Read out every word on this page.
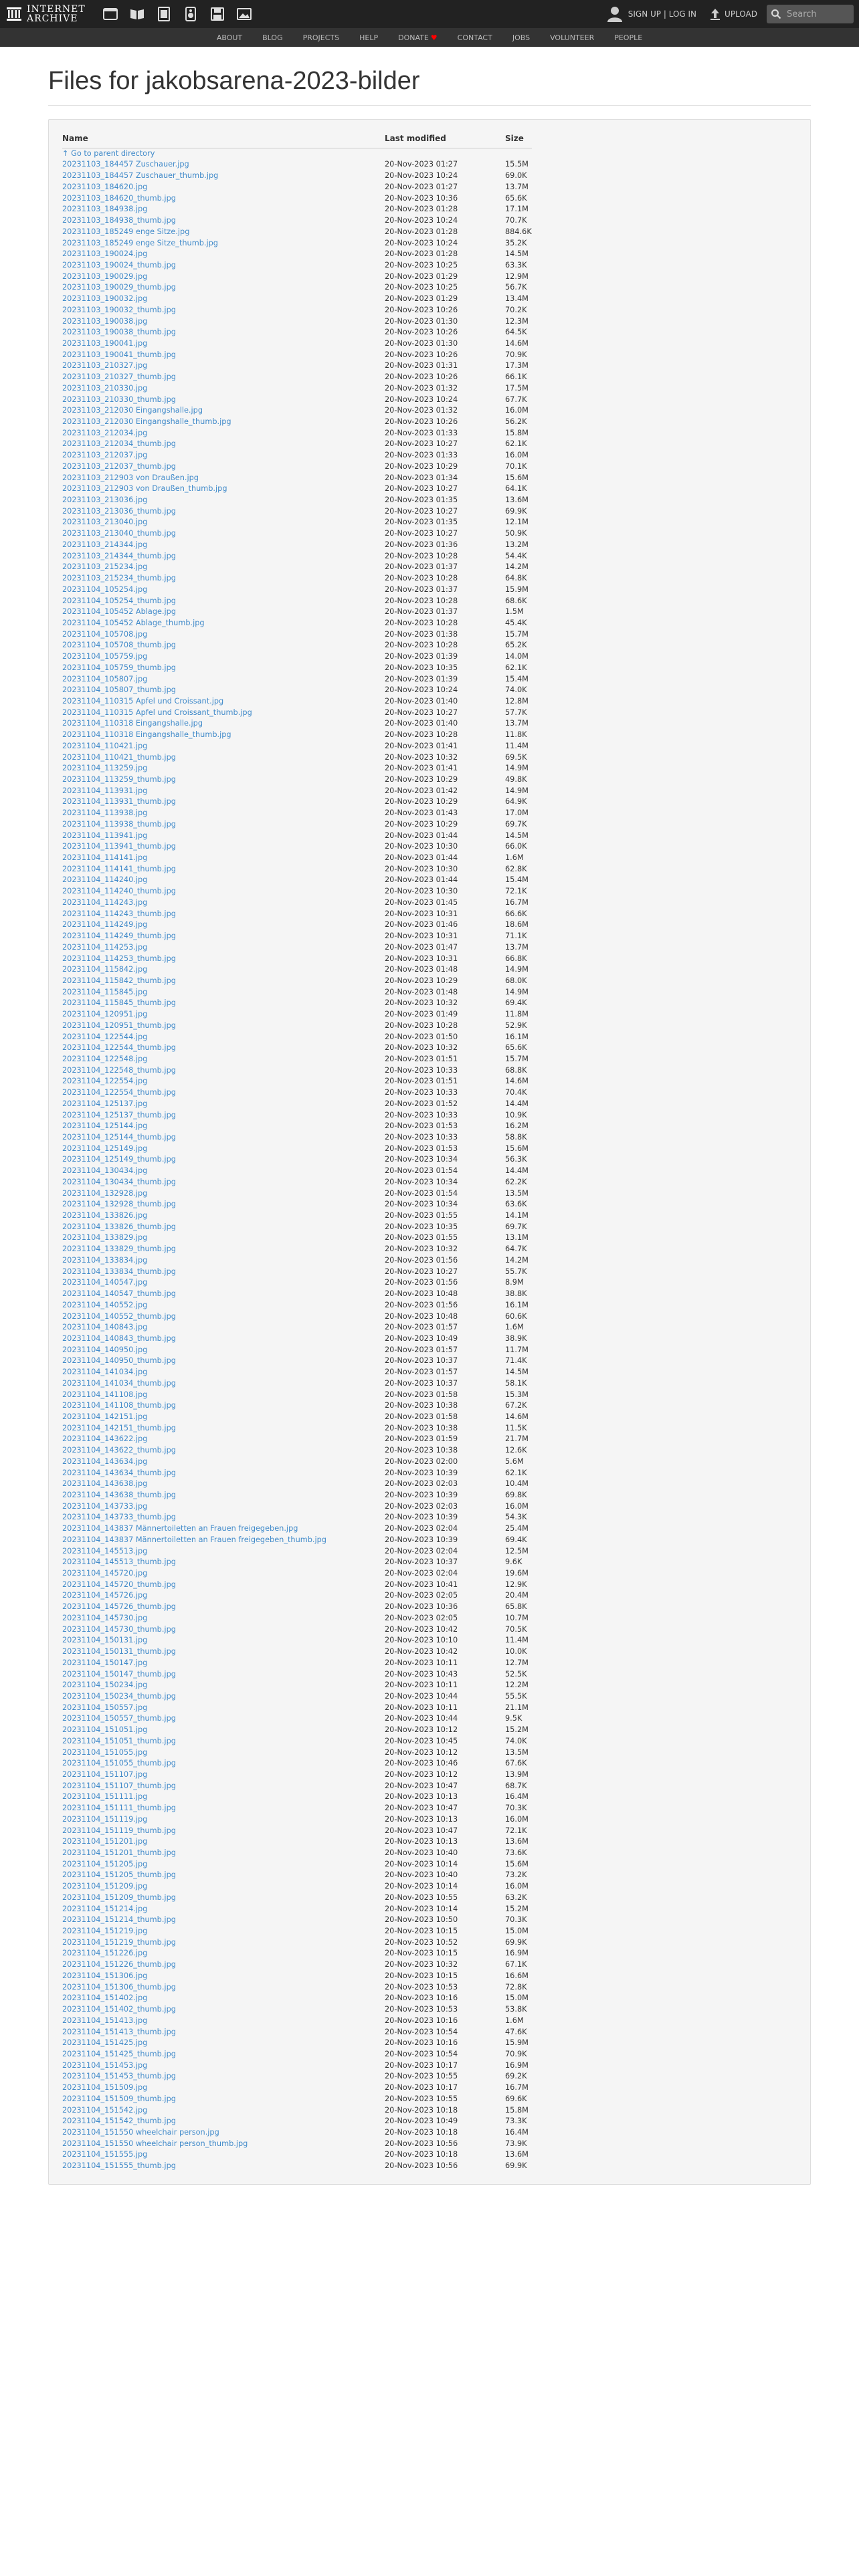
INTERNET
ARCHIVE	SIGN UP | LOG IN	UPLOAD
Search
ABOUT	BLOG	PROJECTS	HELP	DONATE ♥	CONTACT	JOBS	VOLUNTEER	PEOPLE
Files for jakobsarena-2023-bilder
Name	Last modified	Size
↑ Go to parent directory		
20231103_184457 Zuschauer.jpg	20-Nov-2023 01:27	15.5M
20231103_184457 Zuschauer_thumb.jpg	20-Nov-2023 10:24	69.0K
20231103_184620.jpg	20-Nov-2023 01:27	13.7M
20231103_184620_thumb.jpg	20-Nov-2023 10:36	65.6K
20231103_184938.jpg	20-Nov-2023 01:28	17.1M
20231103_184938_thumb.jpg	20-Nov-2023 10:24	70.7K
20231103_185249 enge Sitze.jpg	20-Nov-2023 01:28	884.6K
20231103_185249 enge Sitze_thumb.jpg	20-Nov-2023 10:24	35.2K
20231103_190024.jpg	20-Nov-2023 01:28	14.5M
20231103_190024_thumb.jpg	20-Nov-2023 10:25	63.3K
20231103_190029.jpg	20-Nov-2023 01:29	12.9M
20231103_190029_thumb.jpg	20-Nov-2023 10:25	56.7K
20231103_190032.jpg	20-Nov-2023 01:29	13.4M
20231103_190032_thumb.jpg	20-Nov-2023 10:26	70.2K
20231103_190038.jpg	20-Nov-2023 01:30	12.3M
20231103_190038_thumb.jpg	20-Nov-2023 10:26	64.5K
20231103_190041.jpg	20-Nov-2023 01:30	14.6M
20231103_190041_thumb.jpg	20-Nov-2023 10:26	70.9K
20231103_210327.jpg	20-Nov-2023 01:31	17.3M
20231103_210327_thumb.jpg	20-Nov-2023 10:26	66.1K
20231103_210330.jpg	20-Nov-2023 01:32	17.5M
20231103_210330_thumb.jpg	20-Nov-2023 10:24	67.7K
20231103_212030 Eingangshalle.jpg	20-Nov-2023 01:32	16.0M
20231103_212030 Eingangshalle_thumb.jpg	20-Nov-2023 10:26	56.2K
20231103_212034.jpg	20-Nov-2023 01:33	15.8M
20231103_212034_thumb.jpg	20-Nov-2023 10:27	62.1K
20231103_212037.jpg	20-Nov-2023 01:33	16.0M
20231103_212037_thumb.jpg	20-Nov-2023 10:29	70.1K
20231103_212903 von Draußen.jpg	20-Nov-2023 01:34	15.6M
20231103_212903 von Draußen_thumb.jpg	20-Nov-2023 10:27	64.1K
20231103_213036.jpg	20-Nov-2023 01:35	13.6M
20231103_213036_thumb.jpg	20-Nov-2023 10:27	69.9K
20231103_213040.jpg	20-Nov-2023 01:35	12.1M
20231103_213040_thumb.jpg	20-Nov-2023 10:27	50.9K
20231103_214344.jpg	20-Nov-2023 01:36	13.2M
20231103_214344_thumb.jpg	20-Nov-2023 10:28	54.4K
20231103_215234.jpg	20-Nov-2023 01:37	14.2M
20231103_215234_thumb.jpg	20-Nov-2023 10:28	64.8K
20231104_105254.jpg	20-Nov-2023 01:37	15.9M
20231104_105254_thumb.jpg	20-Nov-2023 10:28	68.6K
20231104_105452 Ablage.jpg	20-Nov-2023 01:37	1.5M
20231104_105452 Ablage_thumb.jpg	20-Nov-2023 10:28	45.4K
20231104_105708.jpg	20-Nov-2023 01:38	15.7M
20231104_105708_thumb.jpg	20-Nov-2023 10:28	65.2K
20231104_105759.jpg	20-Nov-2023 01:39	14.0M
20231104_105759_thumb.jpg	20-Nov-2023 10:35	62.1K
20231104_105807.jpg	20-Nov-2023 01:39	15.4M
20231104_105807_thumb.jpg	20-Nov-2023 10:24	74.0K
20231104_110315 Apfel und Croissant.jpg	20-Nov-2023 01:40	12.8M
20231104_110315 Apfel und Croissant_thumb.jpg	20-Nov-2023 10:27	57.7K
20231104_110318 Eingangshalle.jpg	20-Nov-2023 01:40	13.7M
20231104_110318 Eingangshalle_thumb.jpg	20-Nov-2023 10:28	11.8K
20231104_110421.jpg	20-Nov-2023 01:41	11.4M
20231104_110421_thumb.jpg	20-Nov-2023 10:32	69.5K
20231104_113259.jpg	20-Nov-2023 01:41	14.9M
20231104_113259_thumb.jpg	20-Nov-2023 10:29	49.8K
20231104_113931.jpg	20-Nov-2023 01:42	14.9M
20231104_113931_thumb.jpg	20-Nov-2023 10:29	64.9K
20231104_113938.jpg	20-Nov-2023 01:43	17.0M
20231104_113938_thumb.jpg	20-Nov-2023 10:29	69.7K
20231104_113941.jpg	20-Nov-2023 01:44	14.5M
20231104_113941_thumb.jpg	20-Nov-2023 10:30	66.0K
20231104_114141.jpg	20-Nov-2023 01:44	1.6M
20231104_114141_thumb.jpg	20-Nov-2023 10:30	62.8K
20231104_114240.jpg	20-Nov-2023 01:44	15.4M
20231104_114240_thumb.jpg	20-Nov-2023 10:30	72.1K
20231104_114243.jpg	20-Nov-2023 01:45	16.7M
20231104_114243_thumb.jpg	20-Nov-2023 10:31	66.6K
20231104_114249.jpg	20-Nov-2023 01:46	18.6M
20231104_114249_thumb.jpg	20-Nov-2023 10:31	71.1K
20231104_114253.jpg	20-Nov-2023 01:47	13.7M
20231104_114253_thumb.jpg	20-Nov-2023 10:31	66.8K
20231104_115842.jpg	20-Nov-2023 01:48	14.9M
20231104_115842_thumb.jpg	20-Nov-2023 10:29	68.0K
20231104_115845.jpg	20-Nov-2023 01:48	14.9M
20231104_115845_thumb.jpg	20-Nov-2023 10:32	69.4K
20231104_120951.jpg	20-Nov-2023 01:49	11.8M
20231104_120951_thumb.jpg	20-Nov-2023 10:28	52.9K
20231104_122544.jpg	20-Nov-2023 01:50	16.1M
20231104_122544_thumb.jpg	20-Nov-2023 10:32	65.6K
20231104_122548.jpg	20-Nov-2023 01:51	15.7M
20231104_122548_thumb.jpg	20-Nov-2023 10:33	68.8K
20231104_122554.jpg	20-Nov-2023 01:51	14.6M
20231104_122554_thumb.jpg	20-Nov-2023 10:33	70.4K
20231104_125137.jpg	20-Nov-2023 01:52	14.4M
20231104_125137_thumb.jpg	20-Nov-2023 10:33	10.9K
20231104_125144.jpg	20-Nov-2023 01:53	16.2M
20231104_125144_thumb.jpg	20-Nov-2023 10:33	58.8K
20231104_125149.jpg	20-Nov-2023 01:53	15.6M
20231104_125149_thumb.jpg	20-Nov-2023 10:34	56.3K
20231104_130434.jpg	20-Nov-2023 01:54	14.4M
20231104_130434_thumb.jpg	20-Nov-2023 10:34	62.2K
20231104_132928.jpg	20-Nov-2023 01:54	13.5M
20231104_132928_thumb.jpg	20-Nov-2023 10:34	63.6K
20231104_133826.jpg	20-Nov-2023 01:55	14.1M
20231104_133826_thumb.jpg	20-Nov-2023 10:35	69.7K
20231104_133829.jpg	20-Nov-2023 01:55	13.1M
20231104_133829_thumb.jpg	20-Nov-2023 10:32	64.7K
20231104_133834.jpg	20-Nov-2023 01:56	14.2M
20231104_133834_thumb.jpg	20-Nov-2023 10:27	55.7K
20231104_140547.jpg	20-Nov-2023 01:56	8.9M
20231104_140547_thumb.jpg	20-Nov-2023 10:48	38.8K
20231104_140552.jpg	20-Nov-2023 01:56	16.1M
20231104_140552_thumb.jpg	20-Nov-2023 10:48	60.6K
20231104_140843.jpg	20-Nov-2023 01:57	1.6M
20231104_140843_thumb.jpg	20-Nov-2023 10:49	38.9K
20231104_140950.jpg	20-Nov-2023 01:57	11.7M
20231104_140950_thumb.jpg	20-Nov-2023 10:37	71.4K
20231104_141034.jpg	20-Nov-2023 01:57	14.5M
20231104_141034_thumb.jpg	20-Nov-2023 10:37	58.1K
20231104_141108.jpg	20-Nov-2023 01:58	15.3M
20231104_141108_thumb.jpg	20-Nov-2023 10:38	67.2K
20231104_142151.jpg	20-Nov-2023 01:58	14.6M
20231104_142151_thumb.jpg	20-Nov-2023 10:38	11.5K
20231104_143622.jpg	20-Nov-2023 01:59	21.7M
20231104_143622_thumb.jpg	20-Nov-2023 10:38	12.6K
20231104_143634.jpg	20-Nov-2023 02:00	5.6M
20231104_143634_thumb.jpg	20-Nov-2023 10:39	62.1K
20231104_143638.jpg	20-Nov-2023 02:03	10.4M
20231104_143638_thumb.jpg	20-Nov-2023 10:39	69.8K
20231104_143733.jpg	20-Nov-2023 02:03	16.0M
20231104_143733_thumb.jpg	20-Nov-2023 10:39	54.3K
20231104_143837 Männertoiletten an Frauen freigegeben.jpg	20-Nov-2023 02:04	25.4M
20231104_143837 Männertoiletten an Frauen freigegeben_thumb.jpg	20-Nov-2023 10:39	69.4K
20231104_145513.jpg	20-Nov-2023 02:04	12.5M
20231104_145513_thumb.jpg	20-Nov-2023 10:37	9.6K
20231104_145720.jpg	20-Nov-2023 02:04	19.6M
20231104_145720_thumb.jpg	20-Nov-2023 10:41	12.9K
20231104_145726.jpg	20-Nov-2023 02:05	20.4M
20231104_145726_thumb.jpg	20-Nov-2023 10:36	65.8K
20231104_145730.jpg	20-Nov-2023 02:05	10.7M
20231104_145730_thumb.jpg	20-Nov-2023 10:42	70.5K
20231104_150131.jpg	20-Nov-2023 10:10	11.4M
20231104_150131_thumb.jpg	20-Nov-2023 10:42	10.0K
20231104_150147.jpg	20-Nov-2023 10:11	12.7M
20231104_150147_thumb.jpg	20-Nov-2023 10:43	52.5K
20231104_150234.jpg	20-Nov-2023 10:11	12.2M
20231104_150234_thumb.jpg	20-Nov-2023 10:44	55.5K
20231104_150557.jpg	20-Nov-2023 10:11	21.1M
20231104_150557_thumb.jpg	20-Nov-2023 10:44	9.5K
20231104_151051.jpg	20-Nov-2023 10:12	15.2M
20231104_151051_thumb.jpg	20-Nov-2023 10:45	74.0K
20231104_151055.jpg	20-Nov-2023 10:12	13.5M
20231104_151055_thumb.jpg	20-Nov-2023 10:46	67.6K
20231104_151107.jpg	20-Nov-2023 10:12	13.9M
20231104_151107_thumb.jpg	20-Nov-2023 10:47	68.7K
20231104_151111.jpg	20-Nov-2023 10:13	16.4M
20231104_151111_thumb.jpg	20-Nov-2023 10:47	70.3K
20231104_151119.jpg	20-Nov-2023 10:13	16.0M
20231104_151119_thumb.jpg	20-Nov-2023 10:47	72.1K
20231104_151201.jpg	20-Nov-2023 10:13	13.6M
20231104_151201_thumb.jpg	20-Nov-2023 10:40	73.6K
20231104_151205.jpg	20-Nov-2023 10:14	15.6M
20231104_151205_thumb.jpg	20-Nov-2023 10:40	73.2K
20231104_151209.jpg	20-Nov-2023 10:14	16.0M
20231104_151209_thumb.jpg	20-Nov-2023 10:55	63.2K
20231104_151214.jpg	20-Nov-2023 10:14	15.2M
20231104_151214_thumb.jpg	20-Nov-2023 10:50	70.3K
20231104_151219.jpg	20-Nov-2023 10:15	15.0M
20231104_151219_thumb.jpg	20-Nov-2023 10:52	69.9K
20231104_151226.jpg	20-Nov-2023 10:15	16.9M
20231104_151226_thumb.jpg	20-Nov-2023 10:32	67.1K
20231104_151306.jpg	20-Nov-2023 10:15	16.6M
20231104_151306_thumb.jpg	20-Nov-2023 10:53	72.8K
20231104_151402.jpg	20-Nov-2023 10:16	15.0M
20231104_151402_thumb.jpg	20-Nov-2023 10:53	53.8K
20231104_151413.jpg	20-Nov-2023 10:16	1.6M
20231104_151413_thumb.jpg	20-Nov-2023 10:54	47.6K
20231104_151425.jpg	20-Nov-2023 10:16	15.9M
20231104_151425_thumb.jpg	20-Nov-2023 10:54	70.9K
20231104_151453.jpg	20-Nov-2023 10:17	16.9M
20231104_151453_thumb.jpg	20-Nov-2023 10:55	69.2K
20231104_151509.jpg	20-Nov-2023 10:17	16.7M
20231104_151509_thumb.jpg	20-Nov-2023 10:55	69.6K
20231104_151542.jpg	20-Nov-2023 10:18	15.8M
20231104_151542_thumb.jpg	20-Nov-2023 10:49	73.3K
20231104_151550 wheelchair person.jpg	20-Nov-2023 10:18	16.4M
20231104_151550 wheelchair person_thumb.jpg	20-Nov-2023 10:56	73.9K
20231104_151555.jpg	20-Nov-2023 10:18	13.6M
20231104_151555_thumb.jpg	20-Nov-2023 10:56	69.9K
